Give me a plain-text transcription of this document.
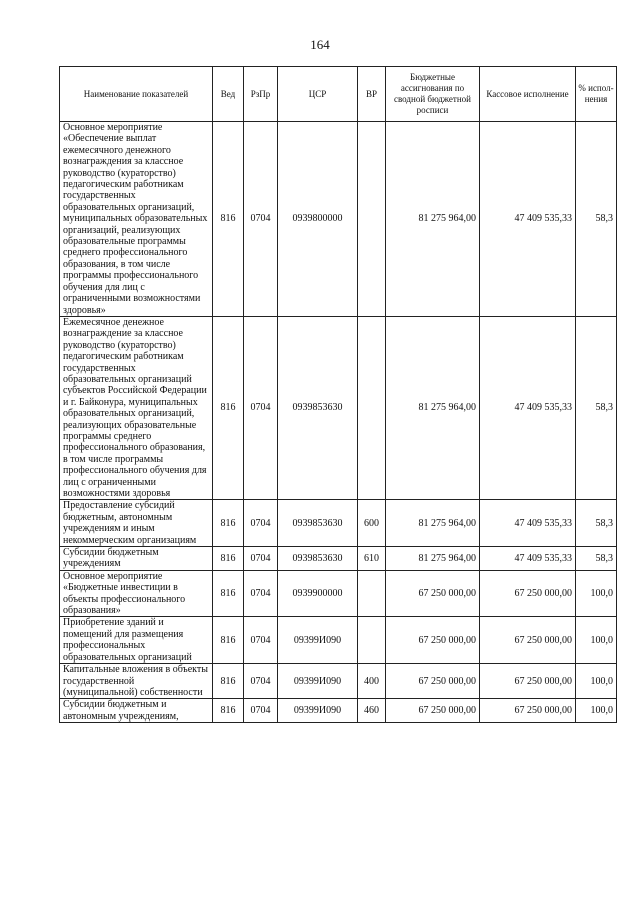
164
Наименование показателей	Вед	РзПр	ЦСР	ВР	Бюджетные ассигнования по сводной бюджетной росписи	Кассовое исполнение	% испол-нения
Основное мероприятие «Обеспечение выплат ежемесячного денежного вознаграждения за классное руководство (кураторство) педагогическим работникам государственных образовательных организаций, муниципальных образовательных организаций, реализующих образовательные программы среднего профессионального образования, в том числе программы профессионального обучения для лиц с ограниченными возможностями здоровья»	816	0704	0939800000		81 275 964,00	47 409 535,33	58,3
Ежемесячное денежное вознаграждение за классное руководство (кураторство) педагогическим работникам государственных образовательных организаций субъектов Российской Федерации и г. Байконура, муниципальных образовательных организаций, реализующих образовательные программы среднего профессионального образования, в том числе программы профессионального обучения для лиц с ограниченными возможностями здоровья	816	0704	0939853630		81 275 964,00	47 409 535,33	58,3
Предоставление субсидий бюджетным, автономным учреждениям и иным некоммерческим организациям	816	0704	0939853630	600	81 275 964,00	47 409 535,33	58,3
Субсидии бюджетным учреждениям	816	0704	0939853630	610	81 275 964,00	47 409 535,33	58,3
Основное мероприятие «Бюджетные инвестиции в объекты профессионального образования»	816	0704	0939900000		67 250 000,00	67 250 000,00	100,0
Приобретение зданий и помещений для размещения профессиональных образовательных организаций	816	0704	09399И090		67 250 000,00	67 250 000,00	100,0
Капитальные вложения в объекты государственной (муниципальной) собственности	816	0704	09399И090	400	67 250 000,00	67 250 000,00	100,0
Субсидии бюджетным и автономным учреждениям,	816	0704	09399И090	460	67 250 000,00	67 250 000,00	100,0
